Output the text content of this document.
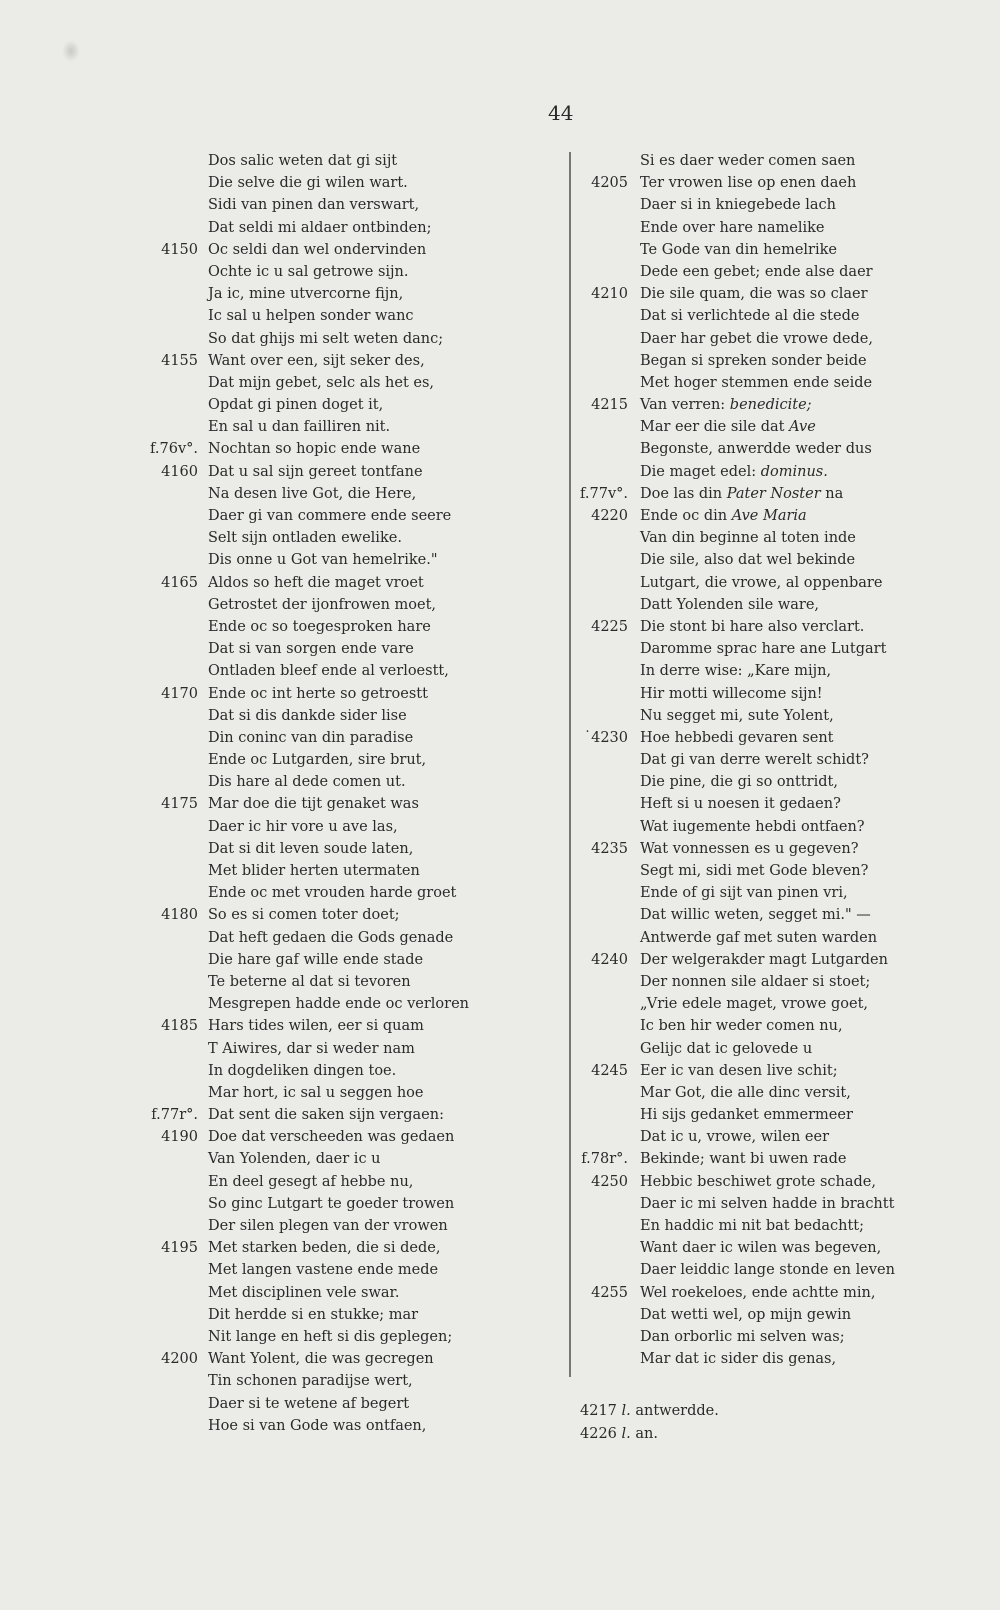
44
Dos salic weten dat gi sijt
Die selve die gi wilen wart.
Sidi van pinen dan verswart,
Dat seldi mi aldaer ontbinden;
4150 Oc seldi dan wel ondervinden
Ochte ic u sal getrowe sijn.
Ja ic, mine utvercorne fijn,
Ic sal u helpen sonder wanc
So dat ghijs mi selt weten danc;
4155 Want over een, sijt seker des,
Dat mijn gebet, selc als het es,
Opdat gi pinen doget it,
En sal u dan failliren nit.
f.76v°. Nochtan so hopic ende wane
4160 Dat u sal sijn gereet tontfane
Na desen live Got, die Here,
Daer gi van commere ende seere
Selt sijn ontladen ewelike.
Dis onne u Got van hemelrike."
4165 Aldos so heft die maget vroet
Getrostet der ijonfrowen moet,
Ende oc so toegesproken hare
Dat si van sorgen ende vare
Ontladen bleef ende al verloestt,
4170 Ende oc int herte so getroestt
Dat si dis dankde sider lise
Din coninc van din paradise
Ende oc Lutgarden, sire brut,
Dis hare al dede comen ut.
4175 Mar doe die tijt genaket was
Daer ic hir vore u ave las,
Dat si dit leven soude laten,
Met blider herten utermaten
Ende oc met vrouden harde groet
4180 So es si comen toter doet;
Dat heft gedaen die Gods genade
Die hare gaf wille ende stade
Te beterne al dat si tevoren
Mesgrepen hadde ende oc verloren
4185 Hars tides wilen, eer si quam
T Aiwires, dar si weder nam
In dogdeliken dingen toe.
Mar hort, ic sal u seggen hoe
f.77r°. Dat sent die saken sijn vergaen:
4190 Doe dat verscheeden was gedaen
Van Yolenden, daer ic u
En deel gesegt af hebbe nu,
So ginc Lutgart te goeder trowen
Der silen plegen van der vrowen
4195 Met starken beden, die si dede,
Met langen vastene ende mede
Met disciplinen vele swar.
Dit herdde si en stukke; mar
Nit lange en heft si dis geplegen;
4200 Want Yolent, die was gecregen
Tin schonen paradijse wert,
Daer si te wetene af begert
Hoe si van Gode was ontfaen,
Si es daer weder comen saen
4205 Ter vrowen lise op enen daeh
Daer si in kniegebede lach
Ende over hare namelike
Te Gode van din hemelrike
Dede een gebet; ende alse daer
4210 Die sile quam, die was so claer
Dat si verlichtede al die stede
Daer har gebet die vrowe dede,
Began si spreken sonder beide
Met hoger stemmen ende seide
4215 Van verren: benedicite;
Mar eer die sile dat Ave
Begonste, anwerdde weder dus
Die maget edel: dominus.
f.77v°. Doe las din Pater Noster na
4220 Ende oc din Ave Maria
Van din beginne al toten inde
Die sile, also dat wel bekinde
Lutgart, die vrowe, al oppenbare
Datt Yolenden sile ware,
4225 Die stont bi hare also verclart.
Daromme sprac hare ane Lutgart
In derre wise: „Kare mijn,
Hir motti willecome sijn!
Nu segget mi, sute Yolent,
˙4230 Hoe hebbedi gevaren sent
Dat gi van derre werelt schidt?
Die pine, die gi so onttridt,
Heft si u noesen it gedaen?
Wat iugemente hebdi ontfaen?
4235 Wat vonnessen es u gegeven?
Segt mi, sidi met Gode bleven?
Ende of gi sijt van pinen vri,
Dat willic weten, segget mi." —
Antwerde gaf met suten warden
4240 Der welgerakder magt Lutgarden
Der nonnen sile aldaer si stoet;
„Vrie edele maget, vrowe goet,
Ic ben hir weder comen nu,
Gelijc dat ic gelovede u
4245 Eer ic van desen live schit;
Mar Got, die alle dinc versit,
Hi sijs gedanket emmermeer
Dat ic u, vrowe, wilen eer
f.78r°. Bekinde; want bi uwen rade
4250 Hebbic beschiwet grote schade,
Daer ic mi selven hadde in brachtt
En haddic mi nit bat bedachtt;
Want daer ic wilen was begeven,
Daer leiddic lange stonde en leven
4255 Wel roekeloes, ende achtte min,
Dat wetti wel, op mijn gewin
Dan orborlic mi selven was;
Mar dat ic sider dis genas,
4217 l. antwerdde.
4226 l. an.
